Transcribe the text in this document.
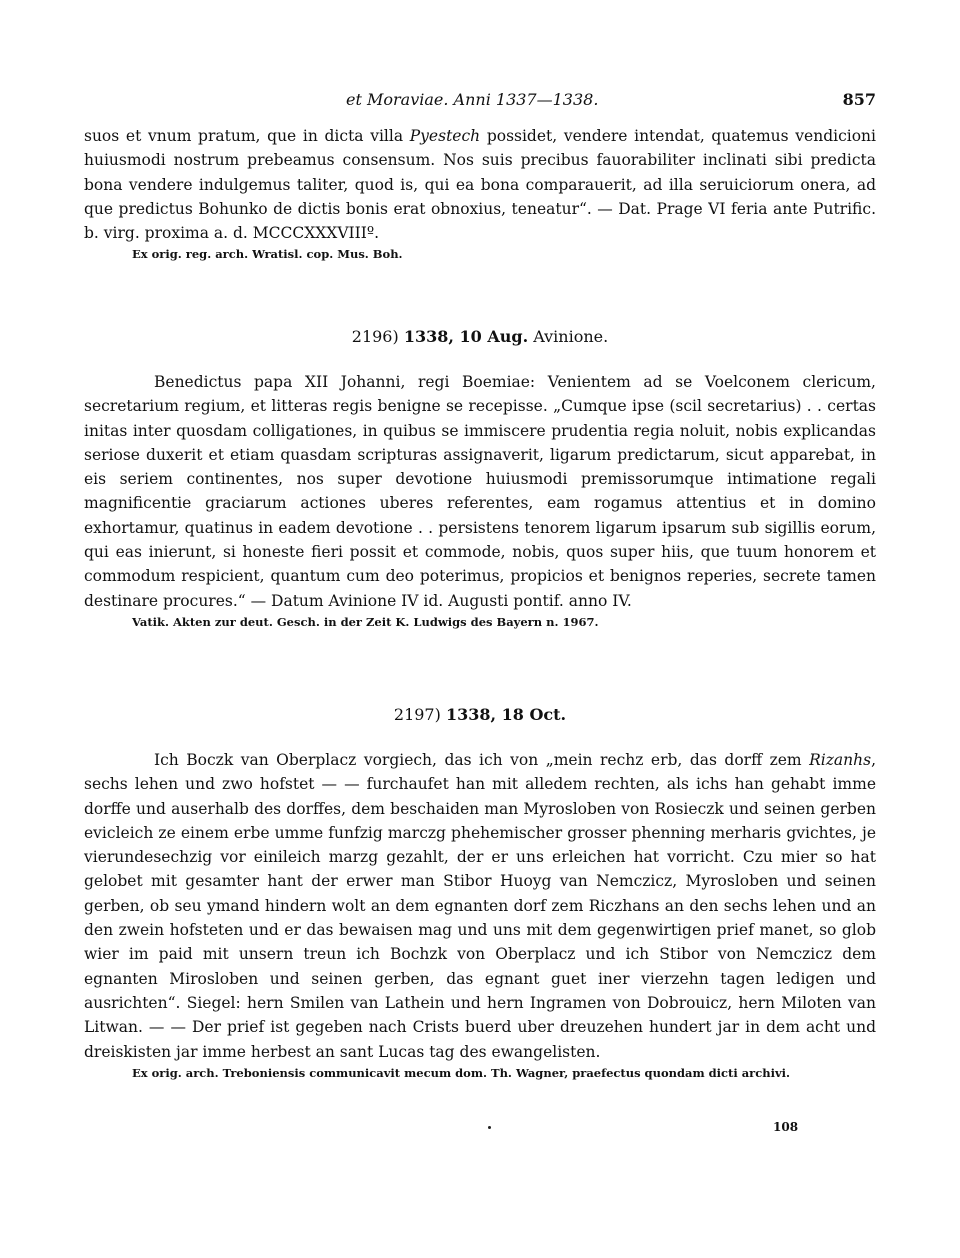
et Moraviae. Anni 1337—1338.	857

suos et vnum pratum, que in dicta villa Pyestech possidet, vendere intendat, quatemus vendicioni huiusmodi nostrum prebeamus consensum. Nos suis precibus fauorabiliter inclinati sibi predicta bona vendere indulgemus taliter, quod is, qui ea bona comparauerit, ad illa seruiciorum onera, ad que predictus Bohunko de dictis bonis erat obnoxius, teneatur“. — Dat. Prage VI feria ante Putrific. b. virg. proxima a. d. MCCCXXXVIIIº.

Ex orig. reg. arch. Wratisl. cop. Mus. Boh.

2196) 1338, 10 Aug. Avinione.

Benedictus papa XII Johanni, regi Boemiae: Venientem ad se Voelconem clericum, secretarium regium, et litteras regis benigne se recepisse. „Cumque ipse (scil secretarius) . . certas initas inter quosdam colligationes, in quibus se immiscere prudentia regia noluit, nobis explicandas seriose duxerit et etiam quasdam scripturas assignaverit, ligarum predictarum, sicut apparebat, in eis seriem continentes, nos super devotione huiusmodi premissorumque intimatione regali magnificentie graciarum actiones uberes referentes, eam rogamus attentius et in domino exhortamur, quatinus in eadem devotione . . persistens tenorem ligarum ipsarum sub sigillis eorum, qui eas inierunt, si honeste fieri possit et commode, nobis, quos super hiis, que tuum honorem et commodum respicient, quantum cum deo poterimus, propicios et benignos reperies, secrete tamen destinare procures.“ — Datum Avinione IV id. Augusti pontif. anno IV.

Vatik. Akten zur deut. Gesch. in der Zeit K. Ludwigs des Bayern n. 1967.

2197) 1338, 18 Oct.

Ich Boczk van Oberplacz vorgiech, das ich von „mein rechz erb, das dorff zem Rizanhs, sechs lehen und zwo hofstet — — furchaufet han mit alledem rechten, als ichs han gehabt imme dorffe und auserhalb des dorffes, dem beschaiden man Myrosloben von Rosieczk und seinen gerben evicleich ze einem erbe umme funfzig marczg phehemischer grosser phenning merharis gvichtes, je vierundesechzig vor einileich marzg gezahlt, der er uns erleichen hat vorricht. Czu mier so hat gelobet mit gesamter hant der erwer man Stibor Huoyg van Nemczicz, Myrosloben und seinen gerben, ob seu ymand hindern wolt an dem egnanten dorf zem Riczhans an den sechs lehen und an den zwein hofsteten und er das bewaisen mag und uns mit dem gegenwirtigen prief manet, so glob wier im paid mit unsern treun ich Bochzk von Oberplacz und ich Stibor von Nemczicz dem egnanten Mirosloben und seinen gerben, das egnant guet iner vierzehn tagen ledigen und ausrichten“. Siegel: hern Smilen van Lathein und hern Ingramen von Dobrouicz, hern Miloten van Litwan. — — Der prief ist gegeben nach Crists buerd uber dreuzehen hundert jar in dem acht und dreiskisten jar imme herbest an sant Lucas tag des ewangelisten.

Ex orig. arch. Treboniensis communicavit mecum dom. Th. Wagner, praefectus quondam dicti archivi.

108
